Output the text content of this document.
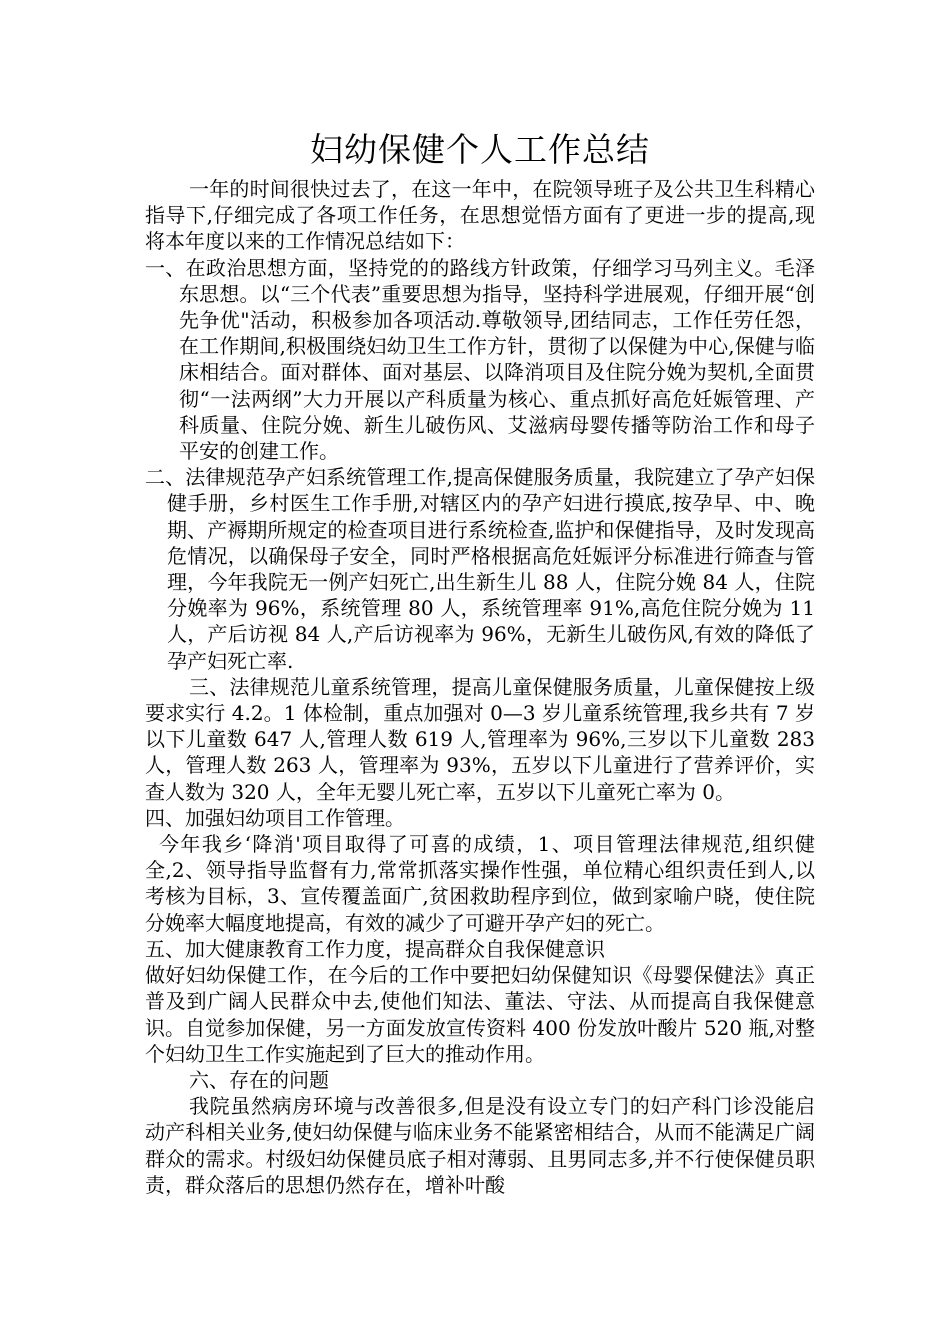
妇幼保健个人工作总结

一年的时间很快过去了，在这一年中，在院领导班子及公共卫生科精心指导下,仔细完成了各项工作任务，在思想觉悟方面有了更进一步的提高,现将本年度以来的工作情况总结如下：

一、在政治思想方面，坚持党的的路线方针政策，仔细学习马列主义。毛泽东思想。以“三个代表”重要思想为指导，坚持科学进展观，仔细开展“创先争优"活动，积极参加各项活动.尊敬领导,团结同志，工作任劳任怨，在工作期间,积极围绕妇幼卫生工作方针，贯彻了以保健为中心,保健与临床相结合。面对群体、面对基层、以降消项目及住院分娩为契机,全面贯彻“一法两纲”大力开展以产科质量为核心、重点抓好高危妊娠管理、产科质量、住院分娩、新生儿破伤风、艾滋病母婴传播等防治工作和母子平安的创建工作。

二、法律规范孕产妇系统管理工作,提高保健服务质量，我院建立了孕产妇保健手册，乡村医生工作手册,对辖区内的孕产妇进行摸底,按孕早、中、晚期、产褥期所规定的检查项目进行系统检查,监护和保健指导，及时发现高危情况，以确保母子安全，同时严格根据高危妊娠评分标准进行筛查与管理，今年我院无一例产妇死亡,出生新生儿 88 人，住院分娩 84 人，住院分娩率为 96%，系统管理 80 人，系统管理率 91%,高危住院分娩为 11 人，产后访视 84 人,产后访视率为 96%，无新生儿破伤风,有效的降低了孕产妇死亡率.

三、法律规范儿童系统管理，提高儿童保健服务质量，儿童保健按上级要求实行 4.2。1 体检制，重点加强对 0—3 岁儿童系统管理,我乡共有 7 岁以下儿童数 647 人,管理人数 619 人,管理率为 96%,三岁以下儿童数 283 人，管理人数 263 人，管理率为 93%，五岁以下儿童进行了营养评价，实查人数为 320 人，全年无婴儿死亡率，五岁以下儿童死亡率为 0。

四、加强妇幼项目工作管理。

今年我乡‘降消'项目取得了可喜的成绩，1、项目管理法律规范,组织健全,2、领导指导监督有力,常常抓落实操作性强，单位精心组织责任到人,以考核为目标，3、宣传覆盖面广,贫困救助程序到位，做到家喻户晓，使住院分娩率大幅度地提高，有效的减少了可避开孕产妇的死亡。

五、加大健康教育工作力度，提高群众自我保健意识

做好妇幼保健工作，在今后的工作中要把妇幼保健知识《母婴保健法》真正普及到广阔人民群众中去,使他们知法、董法、守法、从而提高自我保健意识。自觉参加保健，另一方面发放宣传资料 400 份发放叶酸片 520 瓶,对整个妇幼卫生工作实施起到了巨大的推动作用。

六、存在的问题

我院虽然病房环境与改善很多,但是没有设立专门的妇产科门诊没能启动产科相关业务,使妇幼保健与临床业务不能紧密相结合，从而不能满足广阔群众的需求。村级妇幼保健员底子相对薄弱、且男同志多,并不行使保健员职责，群众落后的思想仍然存在，增补叶酸
